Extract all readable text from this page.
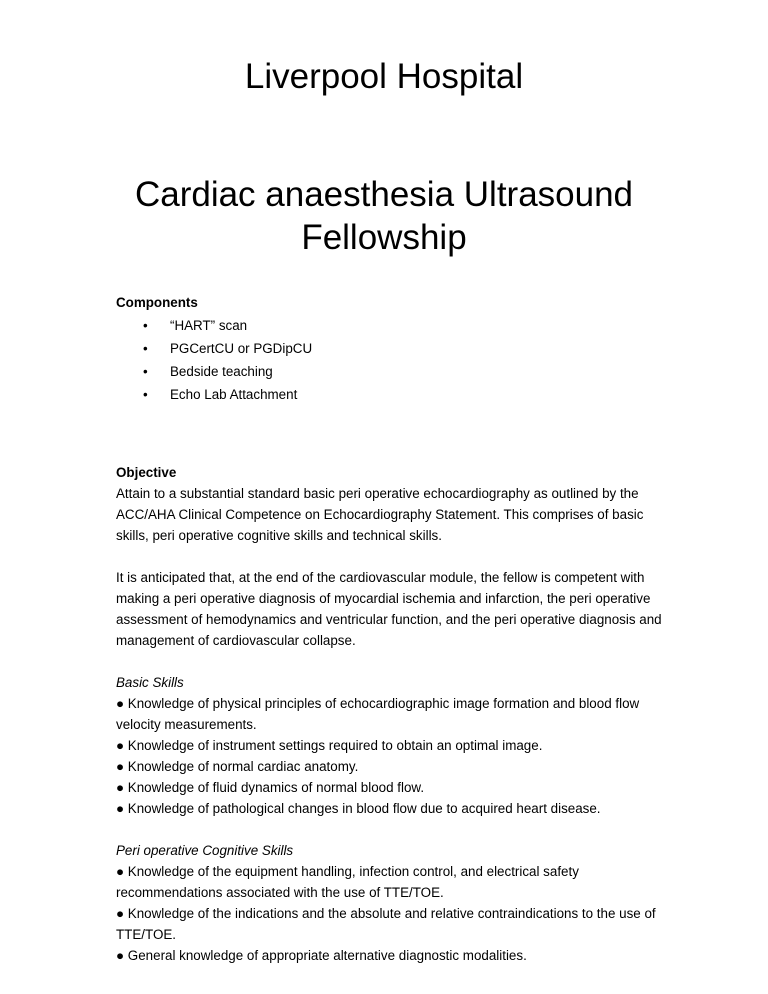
Liverpool Hospital
Cardiac anaesthesia Ultrasound
Fellowship
Components
• “HART” scan
• PGCertCU or PGDipCU
• Bedside teaching
• Echo Lab Attachment
Objective
Attain to a substantial standard basic peri operative echocardiography as outlined by the
ACC/AHA Clinical Competence on Echocardiography Statement. This comprises of basic
skills, peri operative cognitive skills and technical skills.
It is anticipated that, at the end of the cardiovascular module, the fellow is competent with
making a peri operative diagnosis of myocardial ischemia and infarction, the peri operative
assessment of hemodynamics and ventricular function, and the peri operative diagnosis and
management of cardiovascular collapse.
Basic Skills
● Knowledge of physical principles of echocardiographic image formation and blood flow
velocity measurements.
● Knowledge of instrument settings required to obtain an optimal image.
● Knowledge of normal cardiac anatomy.
● Knowledge of fluid dynamics of normal blood flow.
● Knowledge of pathological changes in blood flow due to acquired heart disease.
Peri operative Cognitive Skills
● Knowledge of the equipment handling, infection control, and electrical safety
recommendations associated with the use of TTE/TOE.
● Knowledge of the indications and the absolute and relative contraindications to the use of
TTE/TOE.
● General knowledge of appropriate alternative diagnostic modalities.
